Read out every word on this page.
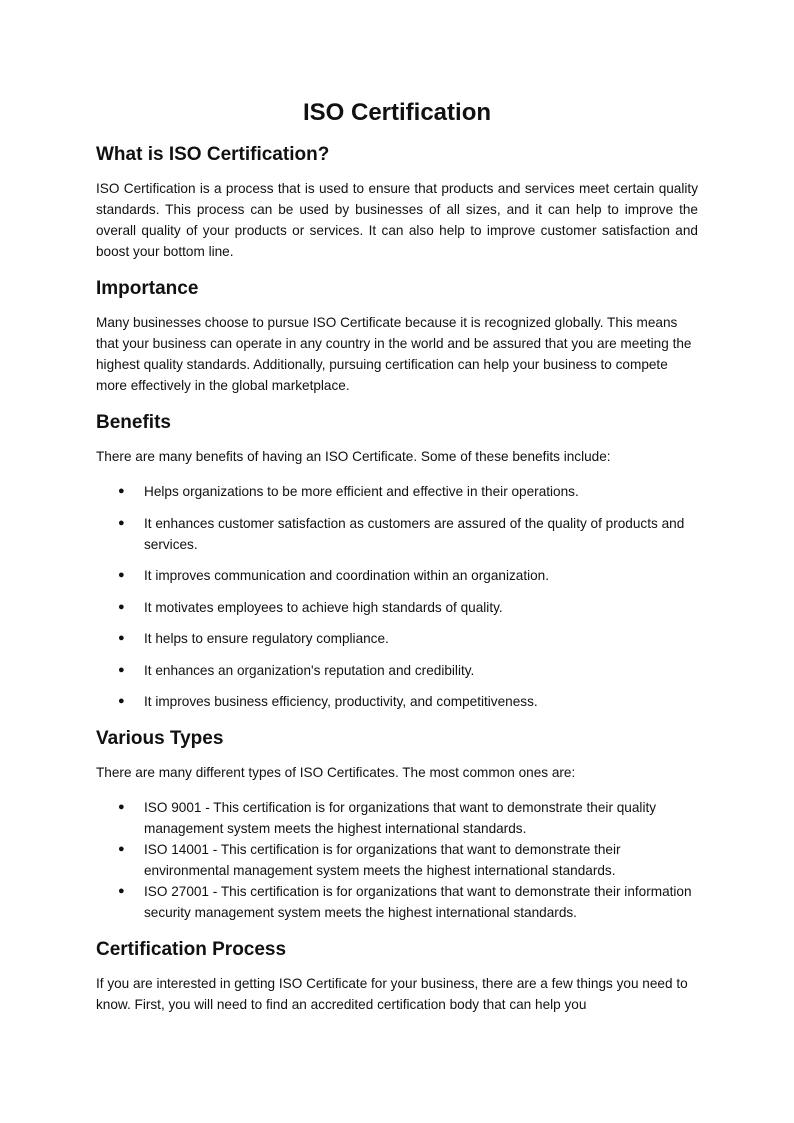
ISO Certification
What is ISO Certification?

ISO Certification is a process that is used to ensure that products and services meet certain quality standards. This process can be used by businesses of all sizes, and it can help to improve the overall quality of your products or services. It can also help to improve customer satisfaction and boost your bottom line.

Importance

Many businesses choose to pursue ISO Certificate because it is recognized globally. This means that your business can operate in any country in the world and be assured that you are meeting the highest quality standards. Additionally, pursuing certification can help your business to compete more effectively in the global marketplace.

Benefits

There are many benefits of having an ISO Certificate. Some of these benefits include:

● Helps organizations to be more efficient and effective in their operations.
● It enhances customer satisfaction as customers are assured of the quality of products and services.
● It improves communication and coordination within an organization.
● It motivates employees to achieve high standards of quality.
● It helps to ensure regulatory compliance.
● It enhances an organization's reputation and credibility.
● It improves business efficiency, productivity, and competitiveness.
Various Types

There are many different types of ISO Certificates. The most common ones are:

● ISO 9001 - This certification is for organizations that want to demonstrate their quality management system meets the highest international standards.
● ISO 14001 - This certification is for organizations that want to demonstrate their environmental management system meets the highest international standards.
● ISO 27001 - This certification is for organizations that want to demonstrate their information security management system meets the highest international standards.
Certification Process

If you are interested in getting ISO Certificate for your business, there are a few things you need to know. First, you will need to find an accredited certification body that can help you
